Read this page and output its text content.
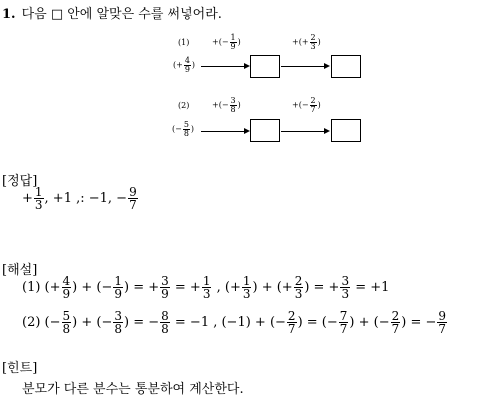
1. 다음 □ 안에 알맞은 수를 써넣어라.
(1)	+(− $\frac{1}{9}$ )	+(+ $\frac{2}{3}$ )
(+ $\frac{4}{9}$ )
(2)	+(− $\frac{3}{8}$ )	+(− $\frac{2}{7}$ )
(− $\frac{5}{8}$ )
[정답]
+ $\frac{1}{3}$ , +1 ,: −1, − $\frac{9}{7}$
[해설]
(1) (+ $\frac{4}{9}$ ) + (− $\frac{1}{9}$ ) = + $\frac{3}{9}$ = + $\frac{1}{3}$ , (+ $\frac{1}{3}$ ) + (+ $\frac{2}{3}$ ) = + $\frac{3}{3} = +1$
(2) (− $\frac{5}{8}$ ) + (− $\frac{3}{8}$ ) = − $\frac{8}{8} = -1$ , (−1) + (− $\frac{2}{7}$ ) = (− $\frac{7}{7}$ ) + (− $\frac{2}{7}$ ) = − $\frac{9}{7}$
[힌트]
분모가 다른 분수는 통분하여 계산한다.
